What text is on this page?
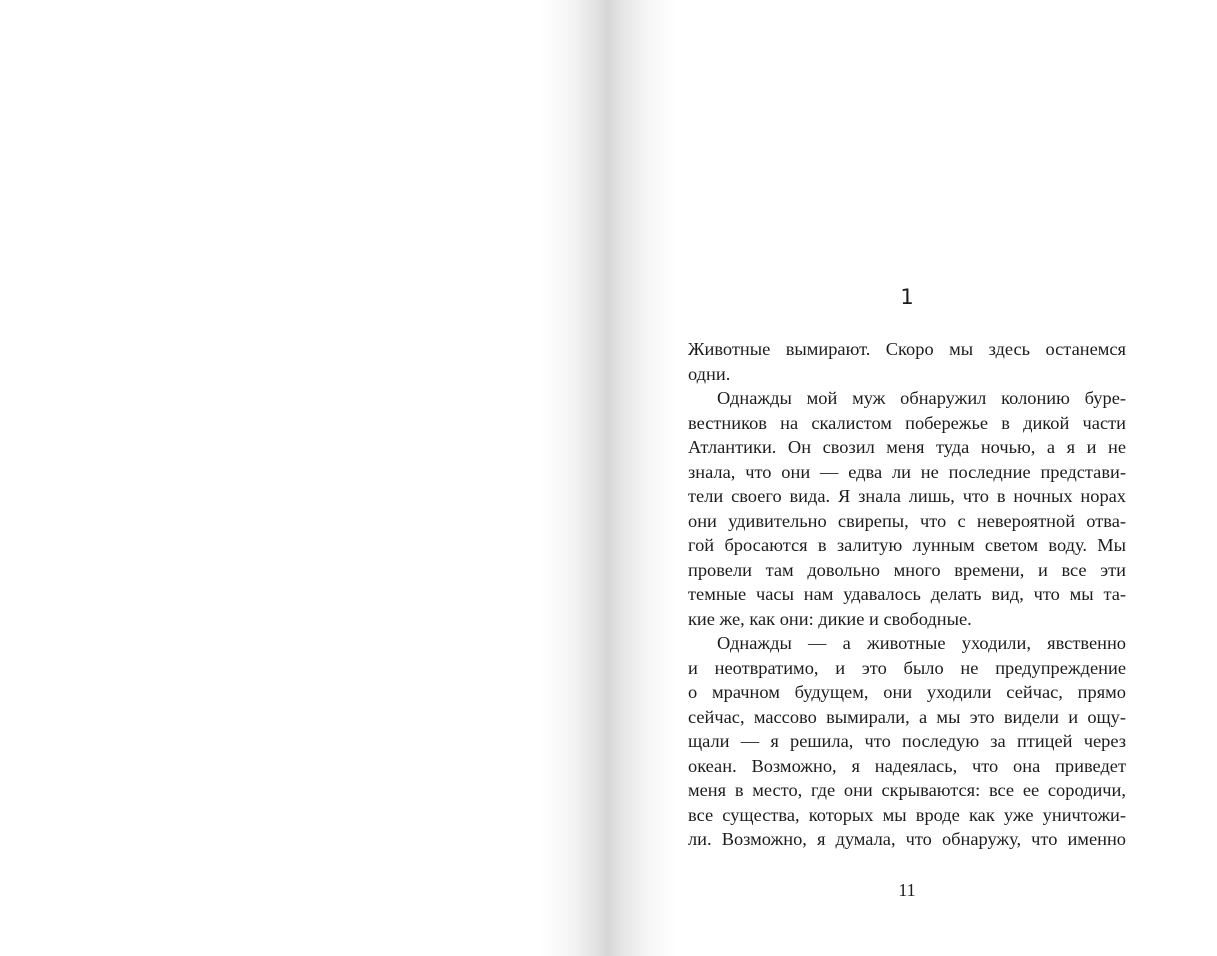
1
Животные вымирают. Скоро мы здесь останемся
одни.
Однажды мой муж обнаружил колонию буре-
вестников на скалистом побережье в дикой части
Атлантики. Он свозил меня туда ночью, а я и не
знала, что они — едва ли не последние представи-
тели своего вида. Я знала лишь, что в ночных норах
они удивительно свирепы, что с невероятной отва-
гой бросаются в залитую лунным светом воду. Мы
провели там довольно много времени, и все эти
темные часы нам удавалось делать вид, что мы та-
кие же, как они: дикие и свободные.
Однажды — а животные уходили, явственно
и неотвратимо, и это было не предупреждение
о мрачном будущем, они уходили сейчас, прямо
сейчас, массово вымирали, а мы это видели и ощу-
щали — я решила, что последую за птицей через
океан. Возможно, я надеялась, что она приведет
меня в место, где они скрываются: все ее сородичи,
все существа, которых мы вроде как уже уничтожи-
ли. Возможно, я думала, что обнаружу, что именно
11
